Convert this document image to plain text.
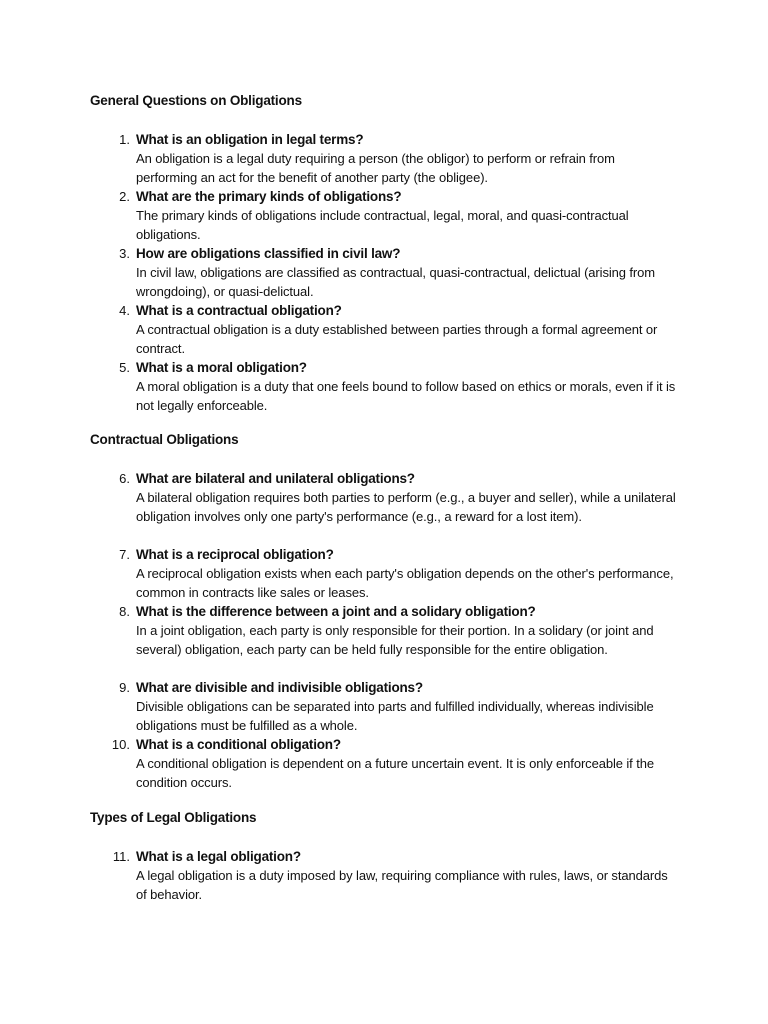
General Questions on Obligations
1. What is an obligation in legal terms?
An obligation is a legal duty requiring a person (the obligor) to perform or refrain from performing an act for the benefit of another party (the obligee).
2. What are the primary kinds of obligations?
The primary kinds of obligations include contractual, legal, moral, and quasi-contractual obligations.
3. How are obligations classified in civil law?
In civil law, obligations are classified as contractual, quasi-contractual, delictual (arising from wrongdoing), or quasi-delictual.
4. What is a contractual obligation?
A contractual obligation is a duty established between parties through a formal agreement or contract.
5. What is a moral obligation?
A moral obligation is a duty that one feels bound to follow based on ethics or morals, even if it is not legally enforceable.
Contractual Obligations
6. What are bilateral and unilateral obligations?
A bilateral obligation requires both parties to perform (e.g., a buyer and seller), while a unilateral obligation involves only one party's performance (e.g., a reward for a lost item).
7. What is a reciprocal obligation?
A reciprocal obligation exists when each party's obligation depends on the other's performance, common in contracts like sales or leases.
8. What is the difference between a joint and a solidary obligation?
In a joint obligation, each party is only responsible for their portion. In a solidary (or joint and several) obligation, each party can be held fully responsible for the entire obligation.
9. What are divisible and indivisible obligations?
Divisible obligations can be separated into parts and fulfilled individually, whereas indivisible obligations must be fulfilled as a whole.
10. What is a conditional obligation?
A conditional obligation is dependent on a future uncertain event. It is only enforceable if the condition occurs.
Types of Legal Obligations
11. What is a legal obligation?
A legal obligation is a duty imposed by law, requiring compliance with rules, laws, or standards of behavior.
